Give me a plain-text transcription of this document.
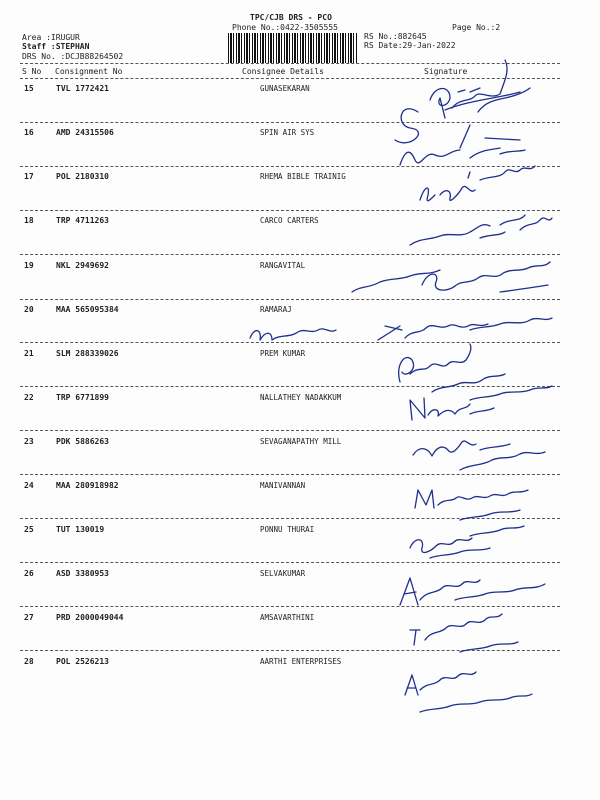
TPC/CJB DRS - PCO
Phone No.:0422-3505555	Page No.:2
Area :IRUGUR
Staff :STEPHAN
DRS No. :DCJB88264502
RS No.:882645
RS Date:29-Jan-2022
S No Consignment No	Consignee Details	Signature
15	TVL 1772421	GUNASEKARAN
16	AMD 24315506	SPIN AIR SYS
17	POL 2180310	RHEMA BIBLE TRAINIG
18	TRP 4711263	CARCO CARTERS
19	NKL 2949692	RANGAVITAL
20	MAA 565095384	RAMARAJ
21	SLM 288339026	PREM KUMAR
22	TRP 6771899	NALLATHEY NADAKKUM
23	PDK 5886263	SEVAGANAPATHY MILL
24	MAA 280918982	MANIVANNAN
25	TUT 130019	PONNU THURAI
26	ASD 3380953	SELVAKUMAR
27	PRD 2000049044	AMSAVARTHINI
28	POL 2526213	AARTHI ENTERPRISES
